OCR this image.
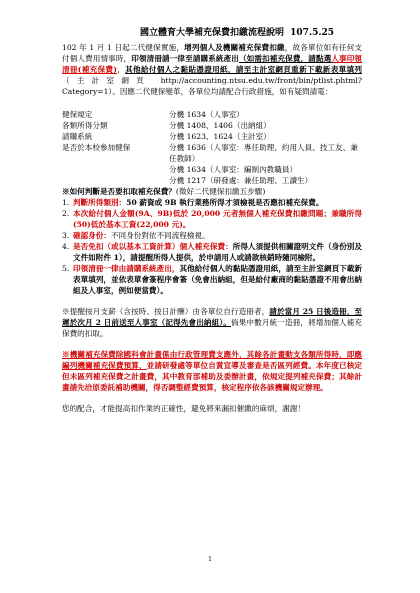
國立體育大學補充保費扣繳流程說明 107.5.25

102 年 1 月 1 日起二代健保實施，增列個人及機關補充保費扣繳，故各單位如有任何支付個人費用情事時，印領清冊請一律至請購系統產出（如需扣補充保費，請點選人事印領清冊(補充保費)，其他給付個人之黏貼憑證用紙，請至主計室網頁重新下載新表單填列（主計室網頁 http://accounting.ntsu.edu.tw/front/bin/ptlist.phtml?Category=1）。因應二代健保變革，各單位均請配合行政措施，如有疑問請電：

健保規定	分機 1634（人事室）
各類所得分類	分機 1408、1406（出納組）
請購系統	分機 1623、1624（主計室）
是否於本校參加健保	分機 1636（人事室：專任助理、約用人員、技工友、兼任教師）
分機 1634（人事室：編制內教職員）
分機 1217（研發處：兼任助理、工讀生）
※如何判斷是否要扣取補充保費？(徵好二代健保扣繳五步驟)
1. 判斷所得類別：50 薪資或 9B 執行業務所得才須檢視是否應扣補充保費。
2. 本次給付個人金額(9A、9B)低於 20,000 元者無個人補充保費扣繳問題；兼職所得(50)低於基本工資(22,000 元)。
3. 確認身份：不同身份對依不同流程檢視。
4. 是否免扣（或以基本工資計算）個人補充保費：所得人須提供相關證明文件（身份別及文件如附件 1），請提醒所得人提供，於申請用人或請款核銷時隨同檢附。
5. 印領清冊一律由請購系統產出，其他給付個人的黏貼憑證用紙，請至主計室網頁下載新表單填列，並依表單會簽程序會簽（免會出納組，但是給付廠商的黏貼憑證不用會出納組及人事室，例如便當費）。
※提醒按月支薪（含按時、按日計酬）由各單位自行造冊者，請於當月 25 日後造冊，至遲於次月 2 日前送至人事室（記得先會出納組）。倘果中數月統一造冊，將增加個人補充保費的扣取。
※機關補充保費除國科會計畫係由行政管理費支應外，其餘各計畫動支各類所得時，即應編列機關補充保費預算，並請研發處等單位自賞宣導及審查是否區列經費。本年度已核定但未區列補充保費之計畫費，其中教育部補助及委辦計畫，依規定提列補充保費；其餘計畫請先洽原委託補助機關，得否調整經費預算，核定程序依各該機關規定辦理。

您的配合，才能提高扣作業的正確性，避免將來漏扣催繳的麻煩，謝謝！

1
